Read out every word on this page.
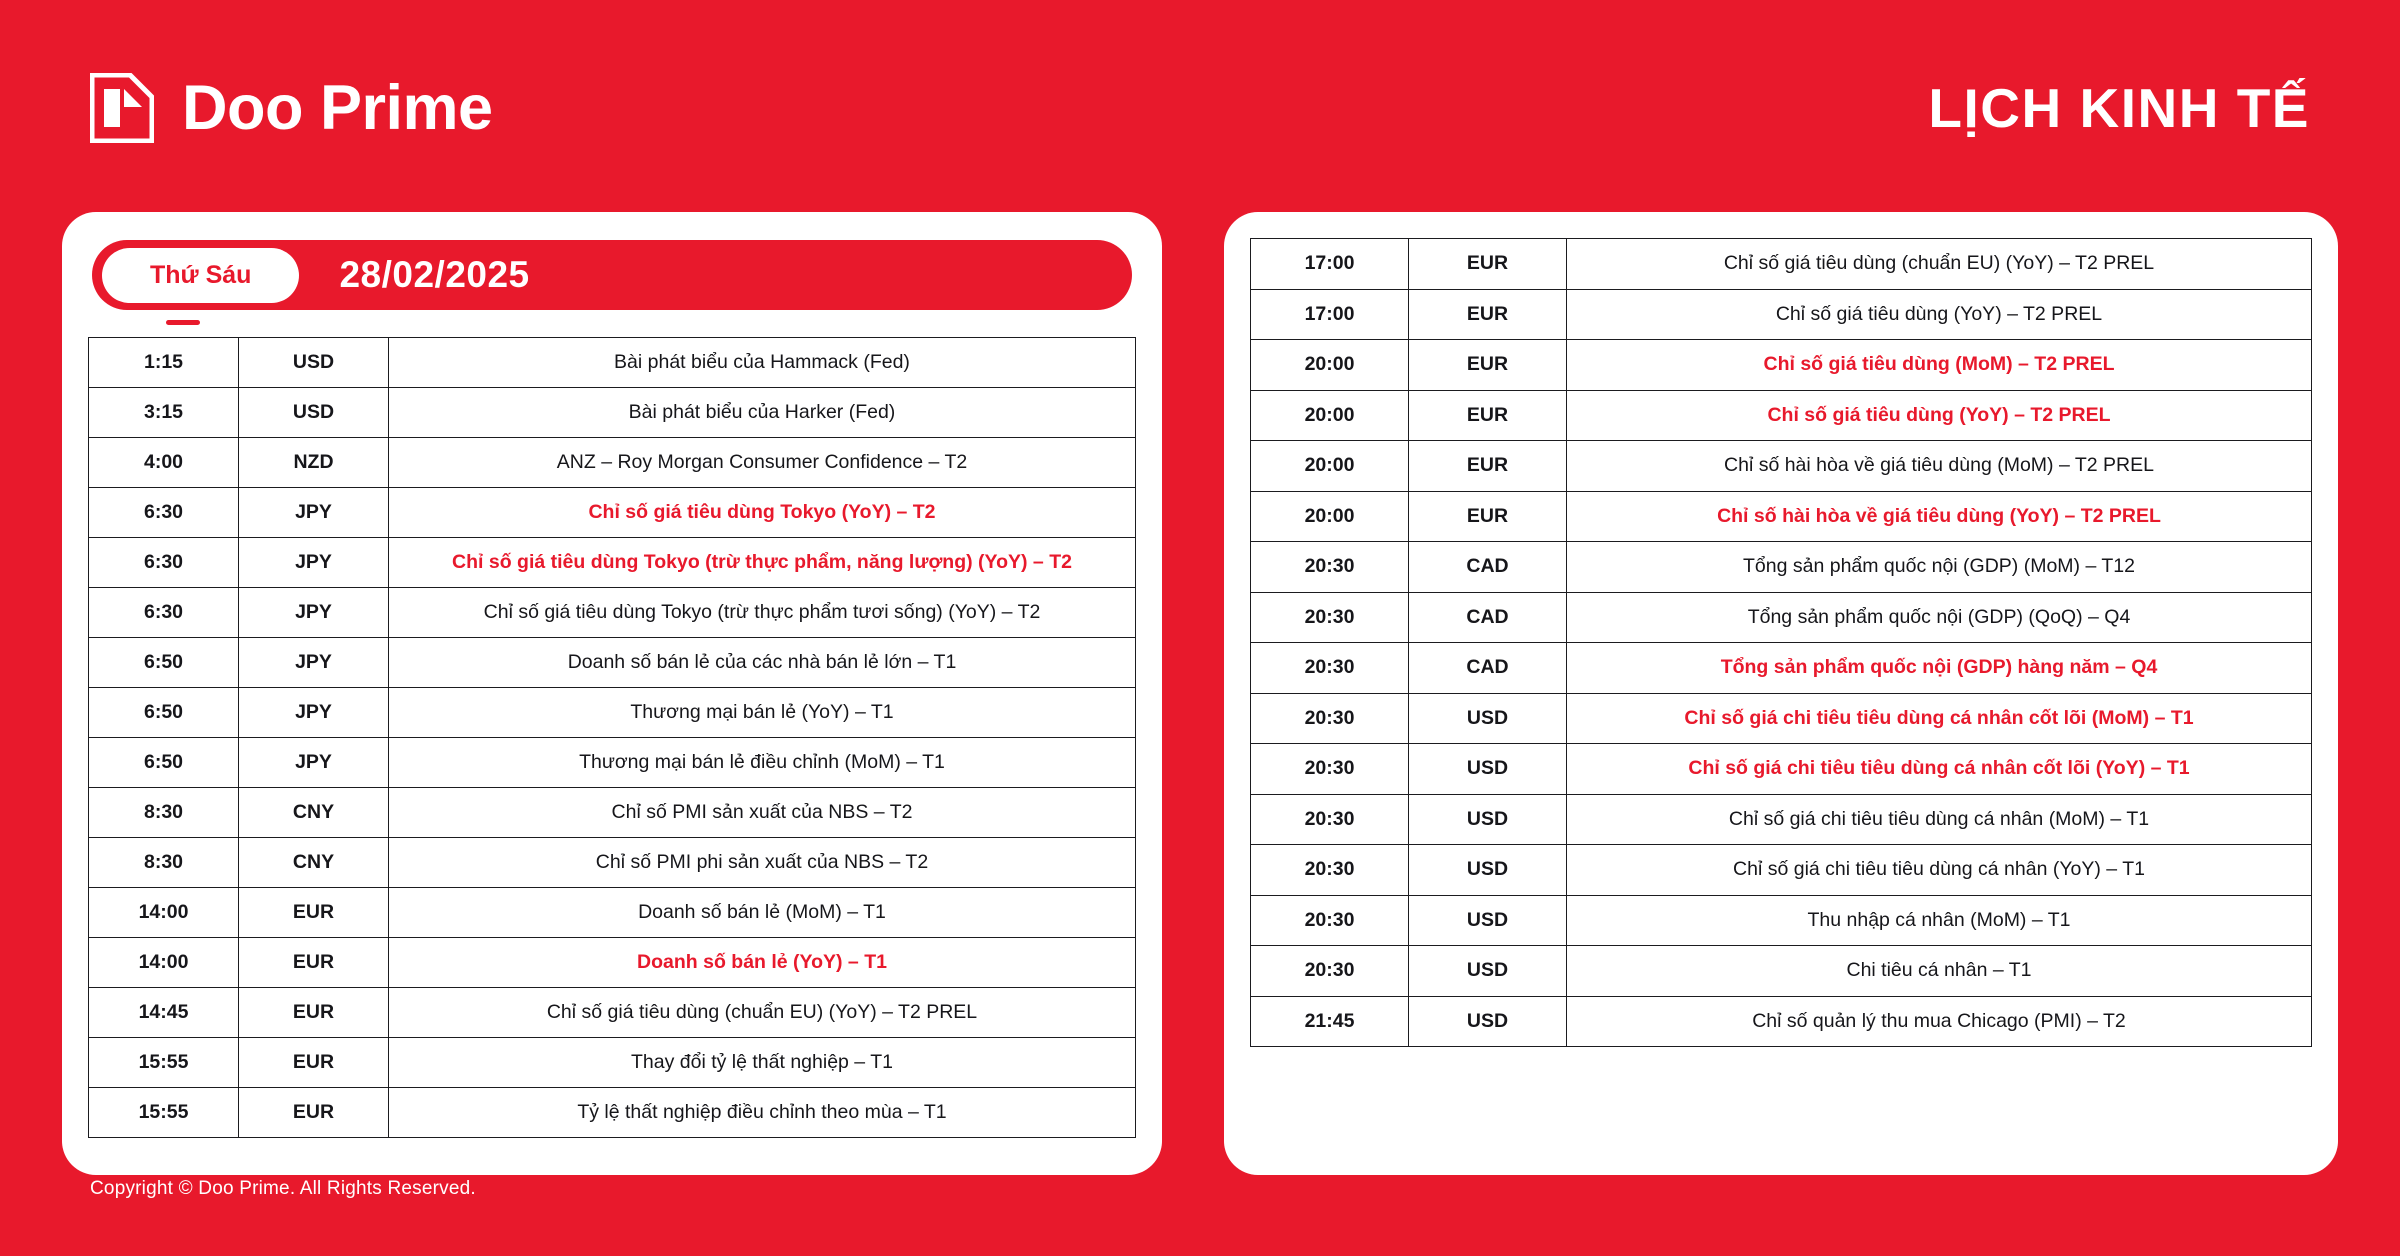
Doo Prime	LỊCH KINH TẾ
Thứ Sáu	28/02/2025
1:15	USD	Bài phát biểu của Hammack (Fed)
3:15	USD	Bài phát biểu của Harker (Fed)
4:00	NZD	ANZ – Roy Morgan Consumer Confidence – T2
6:30	JPY	Chỉ số giá tiêu dùng Tokyo (YoY) – T2
6:30	JPY	Chỉ số giá tiêu dùng Tokyo (trừ thực phẩm, năng lượng) (YoY) – T2
6:30	JPY	Chỉ số giá tiêu dùng Tokyo (trừ thực phẩm tươi sống) (YoY) – T2
6:50	JPY	Doanh số bán lẻ của các nhà bán lẻ lớn – T1
6:50	JPY	Thương mại bán lẻ (YoY) – T1
6:50	JPY	Thương mại bán lẻ điều chỉnh (MoM) – T1
8:30	CNY	Chỉ số PMI sản xuất của NBS – T2
8:30	CNY	Chỉ số PMI phi sản xuất của NBS – T2
14:00	EUR	Doanh số bán lẻ (MoM) – T1
14:00	EUR	Doanh số bán lẻ (YoY) – T1
14:45	EUR	Chỉ số giá tiêu dùng (chuẩn EU) (YoY) – T2 PREL
15:55	EUR	Thay đổi tỷ lệ thất nghiệp – T1
15:55	EUR	Tỷ lệ thất nghiệp điều chỉnh theo mùa – T1
17:00	EUR	Chỉ số giá tiêu dùng (chuẩn EU) (YoY) – T2 PREL
17:00	EUR	Chỉ số giá tiêu dùng (YoY) – T2 PREL
20:00	EUR	Chỉ số giá tiêu dùng (MoM) – T2 PREL
20:00	EUR	Chỉ số giá tiêu dùng (YoY) – T2 PREL
20:00	EUR	Chỉ số hài hòa về giá tiêu dùng (MoM) – T2 PREL
20:00	EUR	Chỉ số hài hòa về giá tiêu dùng (YoY) – T2 PREL
20:30	CAD	Tổng sản phẩm quốc nội (GDP) (MoM) – T12
20:30	CAD	Tổng sản phẩm quốc nội (GDP) (QoQ) – Q4
20:30	CAD	Tổng sản phẩm quốc nội (GDP) hàng năm – Q4
20:30	USD	Chỉ số giá chi tiêu tiêu dùng cá nhân cốt lõi (MoM) – T1
20:30	USD	Chỉ số giá chi tiêu tiêu dùng cá nhân cốt lõi (YoY) – T1
20:30	USD	Chỉ số giá chi tiêu tiêu dùng cá nhân (MoM) – T1
20:30	USD	Chỉ số giá chi tiêu tiêu dùng cá nhân (YoY) – T1
20:30	USD	Thu nhập cá nhân (MoM) – T1
20:30	USD	Chi tiêu cá nhân – T1
21:45	USD	Chỉ số quản lý thu mua Chicago (PMI) – T2
Copyright © Doo Prime. All Rights Reserved.
